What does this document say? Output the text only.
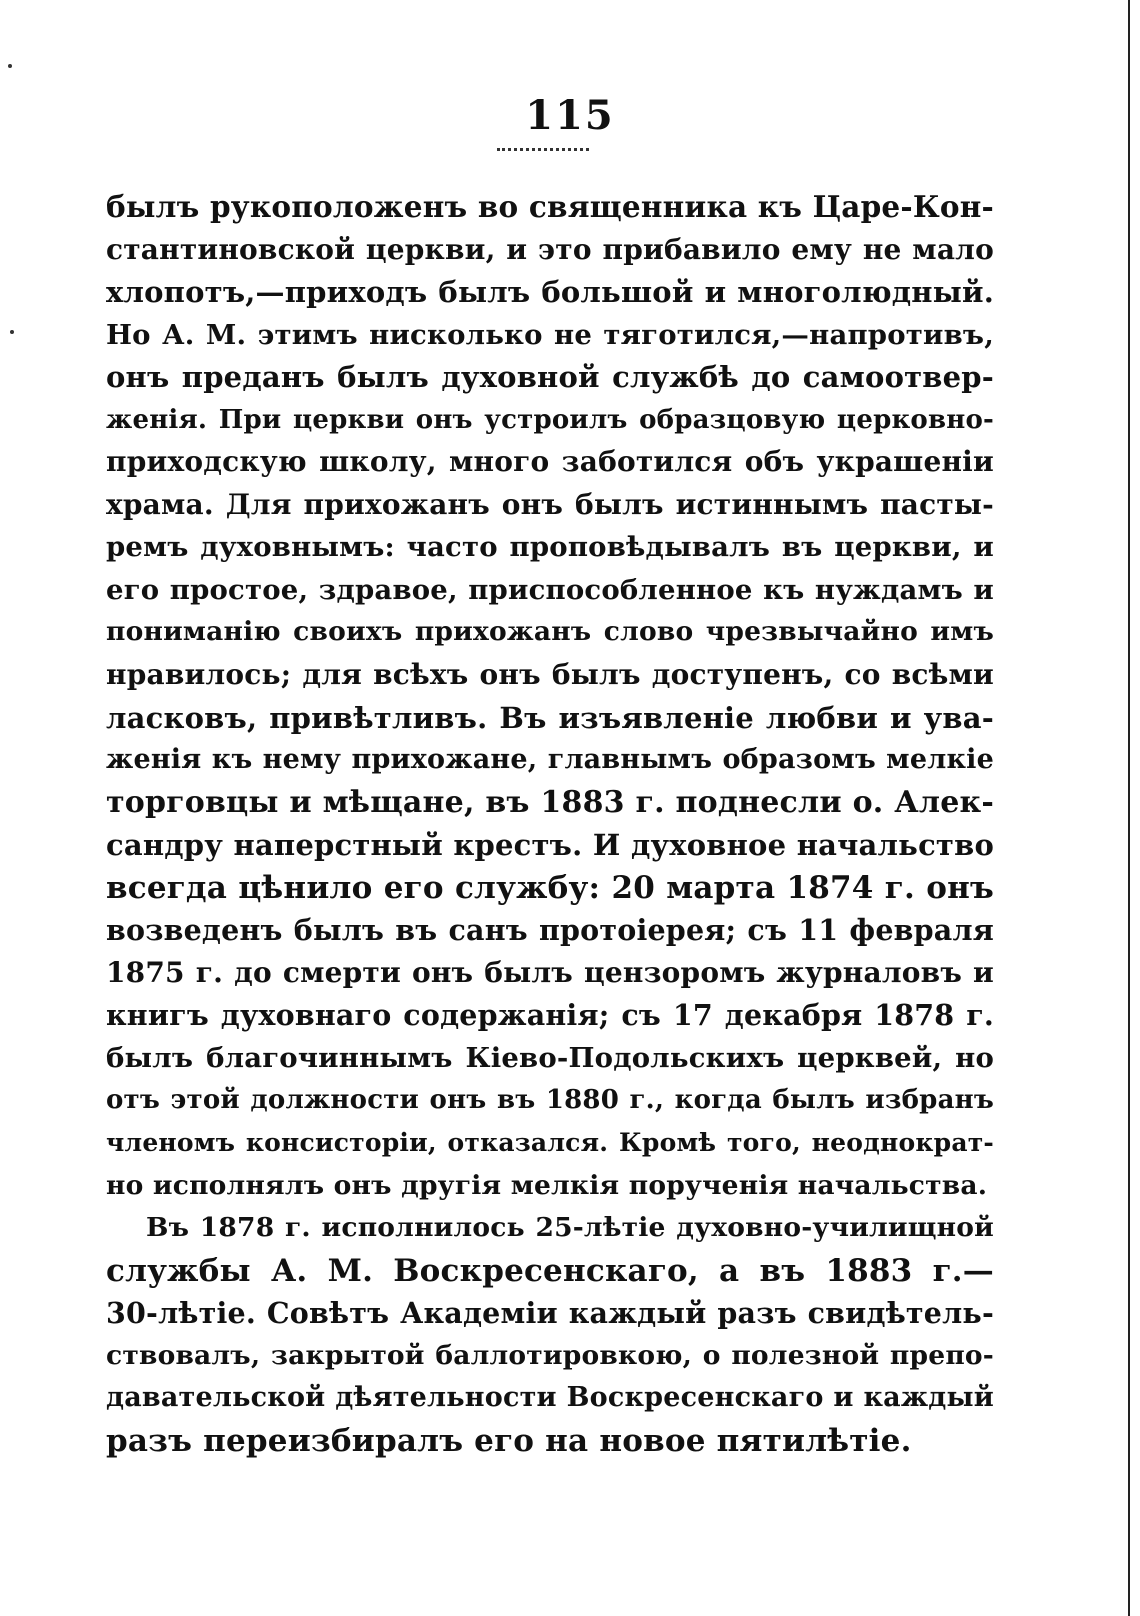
115
былъ рукоположенъ во священника къ Царе-Кон-
стантиновской церкви, и это прибавило ему не мало
хлопотъ,—приходъ былъ большой и многолюдный.
Но А. М. этимъ нисколько не тяготился,—напротивъ,
онъ преданъ былъ духовной службѣ до самоотвер-
женія. При церкви онъ устроилъ образцовую церковно-
приходскую школу, много заботился объ украшеніи
храма. Для прихожанъ онъ былъ истиннымъ пасты-
ремъ духовнымъ: часто проповѣдывалъ въ церкви, и
его простое, здравое, приспособленное къ нуждамъ и
пониманію своихъ прихожанъ слово чрезвычайно имъ
нравилось; для всѣхъ онъ былъ доступенъ, со всѣми
ласковъ, привѣтливъ. Въ изъявленіе любви и ува-
женія къ нему прихожане, главнымъ образомъ мелкіе
торговцы и мѣщане, въ 1883 г. поднесли о. Алек-
сандру наперстный крестъ. И духовное начальство
всегда цѣнило его службу: 20 марта 1874 г. онъ
возведенъ былъ въ санъ протоіерея; съ 11 февраля
1875 г. до смерти онъ былъ цензоромъ журналовъ и
книгъ духовнаго содержанія; съ 17 декабря 1878 г.
былъ благочиннымъ Кіево-Подольскихъ церквей, но
отъ этой должности онъ въ 1880 г., когда былъ избранъ
членомъ консисторіи, отказался. Кромѣ того, неоднократ-
но исполнялъ онъ другія мелкія порученія начальства.
Въ 1878 г. исполнилось 25-лѣтіе духовно-училищной
службы А. М. Воскресенскаго, а въ 1883 г.—
30-лѣтіе. Совѣтъ Академіи каждый разъ свидѣтель-
ствовалъ, закрытой баллотировкою, о полезной препо-
давательской дѣятельности Воскресенскаго и каждый
разъ переизбиралъ его на новое пятилѣтіе.
